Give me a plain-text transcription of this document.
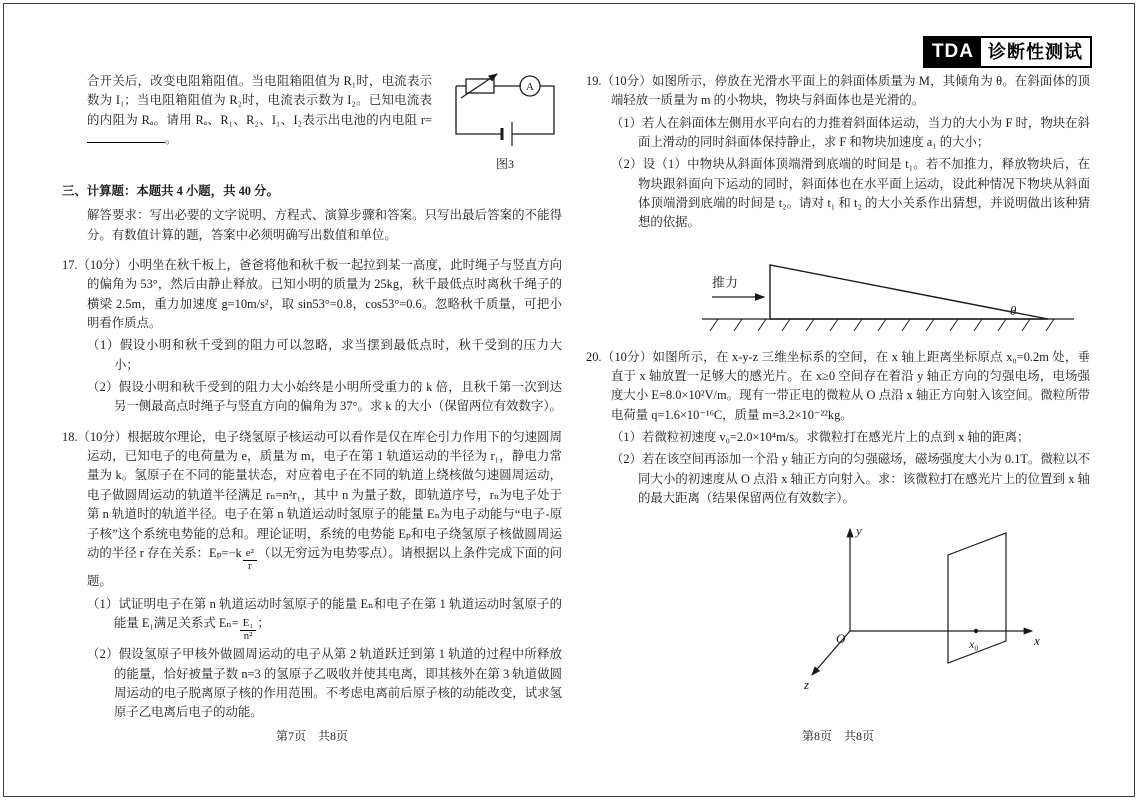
TDA 诊断性测试
A
图3

合开关后，改变电阻箱阻值。当电阻箱阻值为 R₁时，电流表示数为 I₁；当电阻箱阻值为 R₂时，电流表示数为 I₂。已知电流表的内阻为 Rₐ。请用 Rₐ、R₁、R₂、I₁、I₂表示出电池的内电阻 r=。

三、计算题：本题共 4 小题，共 40 分。

解答要求：写出必要的文字说明、方程式、演算步骤和答案。只写出最后答案的不能得分。有数值计算的题，答案中必须明确写出数值和单位。

17.（10分）小明坐在秋千板上，爸爸将他和秋千板一起拉到某一高度，此时绳子与竖直方向的偏角为 53°，然后由静止释放。已知小明的质量为 25kg，秋千最低点时离秋千绳子的横梁 2.5m，重力加速度 g=10m/s²，取 sin53°=0.8，cos53°=0.6。忽略秋千质量，可把小明看作质点。

（1）假设小明和秋千受到的阻力可以忽略，求当摆到最低点时，秋千受到的压力大小；

（2）假设小明和秋千受到的阻力大小始终是小明所受重力的 k 倍，且秋千第一次到达另一侧最高点时绳子与竖直方向的偏角为 37°。求 k 的大小（保留两位有效数字）。

18.（10分）根据玻尔理论，电子绕氢原子核运动可以看作是仅在库仑引力作用下的匀速圆周运动，已知电子的电荷量为 e，质量为 m，电子在第 1 轨道运动的半径为 r₁，静电力常量为 k。氢原子在不同的能量状态，对应着电子在不同的轨道上绕核做匀速圆周运动，电子做圆周运动的轨道半径满足 rₙ=n²r₁，其中 n 为量子数，即轨道序号，rₙ为电子处于第 n 轨道时的轨道半径。电子在第 n 轨道运动时氢原子的能量 Eₙ为电子动能与“电子-原子核”这个系统电势能的总和。理论证明，系统的电势能 Eₚ和电子绕氢原子核做圆周运动的半径 r 存在关系：$E_p=-k \frac{\text{e²}}{r}$ （以无穷远为电势零点）。请根据以上条件完成下面的问题。

（1）试证明电子在第 n 轨道运动时氢原子的能量 Eₙ和电子在第 1 轨道运动时氢原子的能量 E₁满足关系式 $E_n= \frac{\text{E₁}}{\text{n²}}$ ；

（2）假设氢原子甲核外做圆周运动的电子从第 2 轨道跃迁到第 1 轨道的过程中所释放的能量，恰好被量子数 n=3 的氢原子乙吸收并使其电离，即其核外在第 3 轨道做圆周运动的电子脱离原子核的作用范围。不考虑电离前后原子核的动能改变，试求氢原子乙电离后电子的动能。

19.（10分）如图所示，停放在光滑水平面上的斜面体质量为 M，其倾角为 θ。在斜面体的顶端轻放一质量为 m 的小物块，物块与斜面体也是光滑的。

（1）若人在斜面体左侧用水平向右的力推着斜面体运动，当力的大小为 F 时，物块在斜面上滑动的同时斜面体保持静止，求 F 和物块加速度 a₁ 的大小；

（2）设（1）中物块从斜面体顶端滑到底端的时间是 t₁。若不加推力，释放物块后，在物块跟斜面向下运动的同时，斜面体也在水平面上运动，设此种情况下物块从斜面体顶端滑到底端的时间是 t₂。请对 t₁ 和 t₂ 的大小关系作出猜想，并说明做出该种猜想的依据。

θ
推力

20.（10分）如图所示，在 x-y-z 三维坐标系的空间，在 x 轴上距离坐标原点 x₀=0.2m 处，垂直于 x 轴放置一足够大的感光片。在 x≥0 空间存在着沿 y 轴正方向的匀强电场，电场强度大小 E=8.0×10²V/m。现有一带正电的微粒从 O 点沿 x 轴正方向射入该空间。微粒所带电荷量 q=1.6×10⁻¹⁶C，质量 m=3.2×10⁻²²kg。

（1）若微粒初速度 v₀=2.0×10⁴m/s。求微粒打在感光片上的点到 x 轴的距离；

（2）若在该空间再添加一个沿 y 轴正方向的匀强磁场，磁场强度大小为 0.1T。微粒以不同大小的初速度从 O 点沿 x 轴正方向射入。求：该微粒打在感光片上的位置到 x 轴的最大距离（结果保留两位有效数字）。

y
x
z
O	x₀
第7页　共8页	第8页　共8页
